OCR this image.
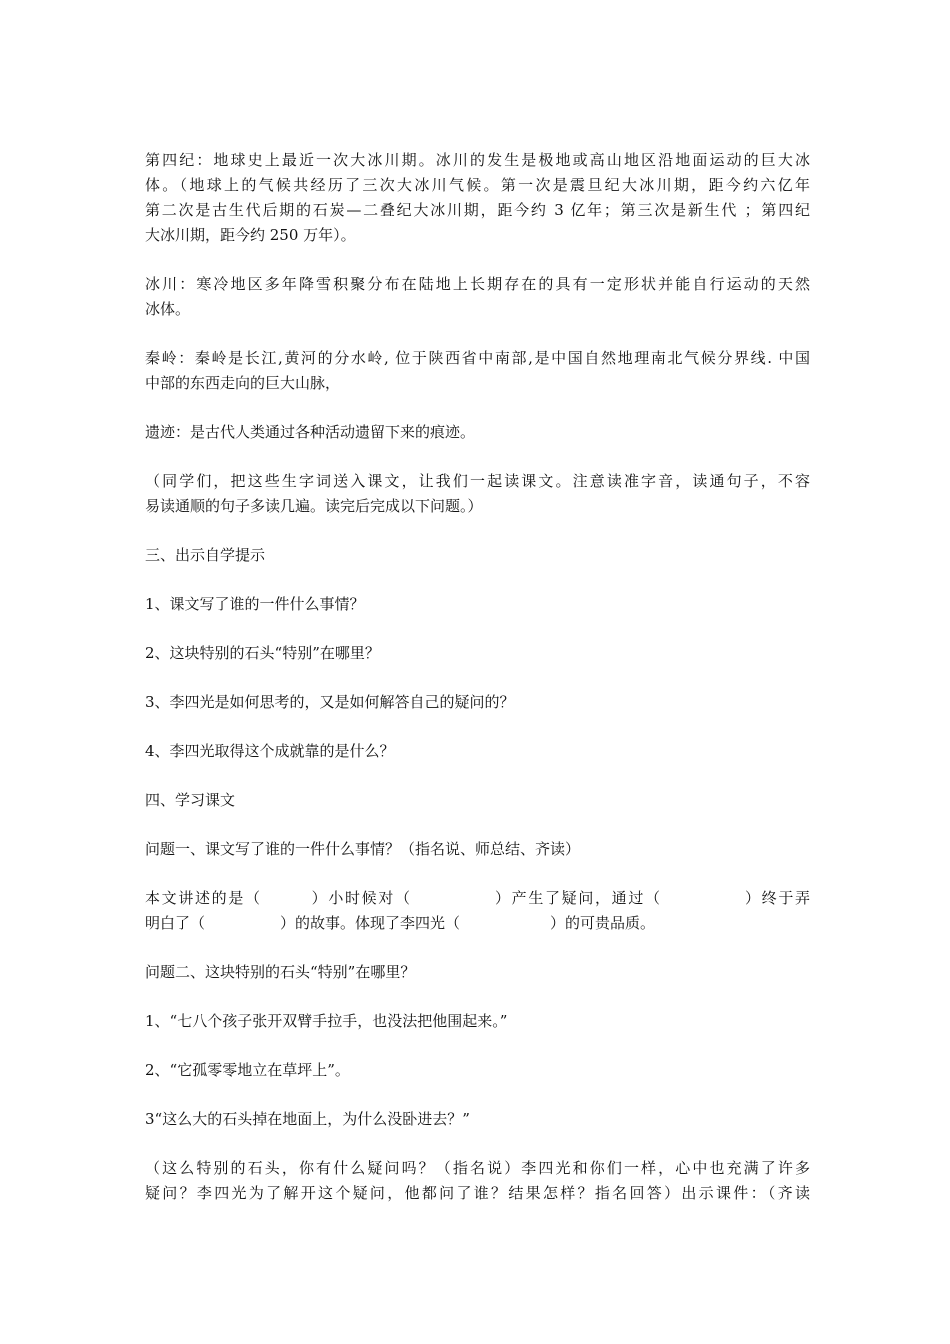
第四纪：地球史上最近一次大冰川期。冰川的发生是极地或高山地区沿地面运动的巨大冰
体。（地球上的气候共经历了三次大冰川气候。第一次是震旦纪大冰川期，距今约六亿年
第二次是古生代后期的石炭—二叠纪大冰川期，距今约 3 亿年；第三次是新生代 ；第四纪
大冰川期，距今约 250 万年）。
冰川：寒冷地区多年降雪积聚分布在陆地上长期存在的具有一定形状并能自行运动的天然
冰体。
秦岭：秦岭是长江,黄河的分水岭, 位于陕西省中南部,是中国自然地理南北气候分界线. 中国
中部的东西走向的巨大山脉，
遗迹：是古代人类通过各种活动遗留下来的痕迹。
（同学们，把这些生字词送入课文，让我们一起读课文。注意读准字音，读通句子，不容
易读通顺的句子多读几遍。读完后完成以下问题。）
三、出示自学提示
1、课文写了谁的一件什么事情？
2、这块特别的石头“特别”在哪里？
3、李四光是如何思考的，又是如何解答自己的疑问的？
4、李四光取得这个成就靠的是什么？
四、学习课文
问题一、课文写了谁的一件什么事情？（指名说、师总结、齐读）
本文讲述的是（　　　）小时候对（　　　　　）产生了疑问，通过（　　　　　）终于弄
明白了（　　　　　）的故事。体现了李四光（　　　　　　）的可贵品质。
问题二、这块特别的石头“特别”在哪里？
1、“七八个孩子张开双臂手拉手，也没法把他围起来。”
2、“它孤零零地立在草坪上”。
3“这么大的石头掉在地面上，为什么没卧进去？”
（这么特别的石头，你有什么疑问吗？（指名说）李四光和你们一样，心中也充满了许多
疑问？李四光为了解开这个疑问，他都问了谁？结果怎样？指名回答）出示课件：（齐读
